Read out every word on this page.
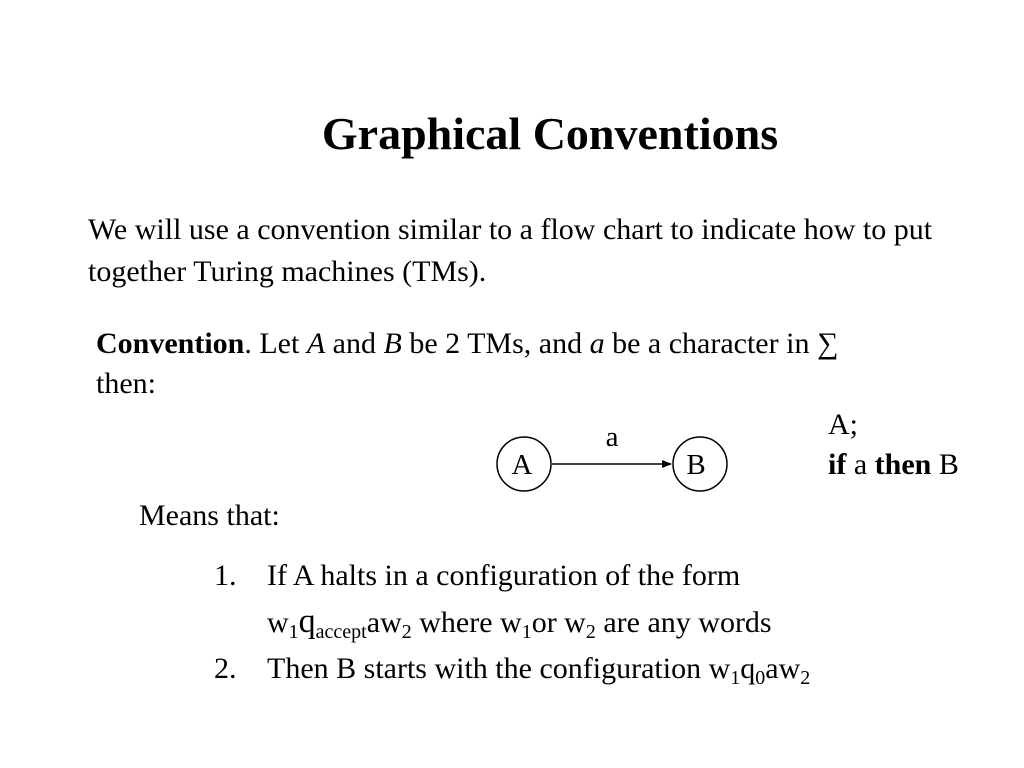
Graphical Conventions
We will use a convention similar to a flow chart to indicate how to put together Turing machines (TMs).
Convention. Let A and B be 2 TMs, and a be a character in ∑
then:
A
a
B
A;
if a then B
Means that:
1. If A halts in a configuration of the form
$w_1q_{accept}aw_2$ where $w_1or$ $w_2$ are any words
2. Then B starts with the configuration $w_1q_0aw_2$
